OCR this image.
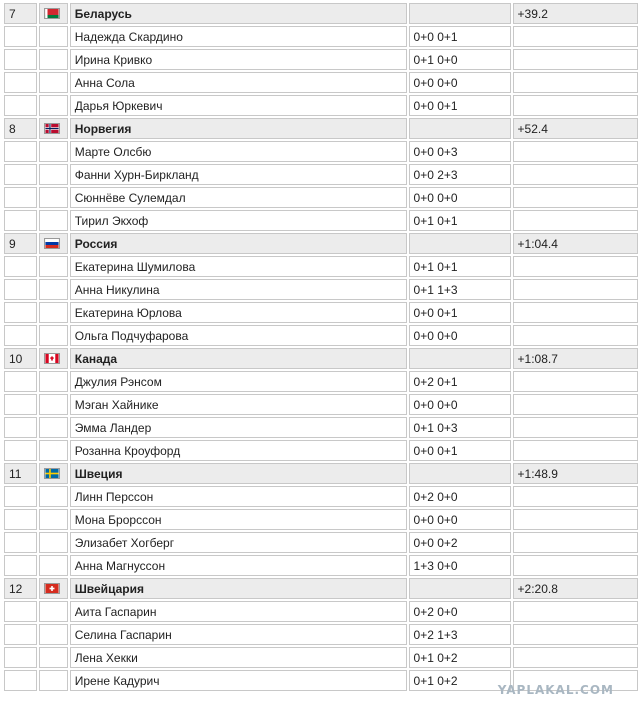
7		Беларусь		+39.2
		Надежда Скардино	0+0 0+1	
		Ирина Кривко	0+1 0+0	
		Анна Сола	0+0 0+0	
		Дарья Юркевич	0+0 0+1	
8		Норвегия		+52.4
		Марте Олсбю	0+0 0+3	
		Фанни Хурн-Биркланд	0+0 2+3	
		Сюннёве Сулемдал	0+0 0+0	
		Тирил Экхоф	0+1 0+1	
9		Россия		+1:04.4
		Екатерина Шумилова	0+1 0+1	
		Анна Никулина	0+1 1+3	
		Екатерина Юрлова	0+0 0+1	
		Ольга Подчуфарова	0+0 0+0	
10		Канада		+1:08.7
		Джулия Рэнсом	0+2 0+1	
		Мэган Хайнике	0+0 0+0	
		Эмма Ландер	0+1 0+3	
		Розанна Кроуфорд	0+0 0+1	
11		Швеция		+1:48.9
		Линн Перссон	0+2 0+0	
		Мона Брорссон	0+0 0+0	
		Элизабет Хогберг	0+0 0+2	
		Анна Магнуссон	1+3 0+0	
12		Швейцария		+2:20.8
		Аита Гаспарин	0+2 0+0	
		Селина Гаспарин	0+2 1+3	
		Лена Хекки	0+1 0+2	
		Ирене Кадурич	0+1 0+2	
YAPLAKAL.COM
